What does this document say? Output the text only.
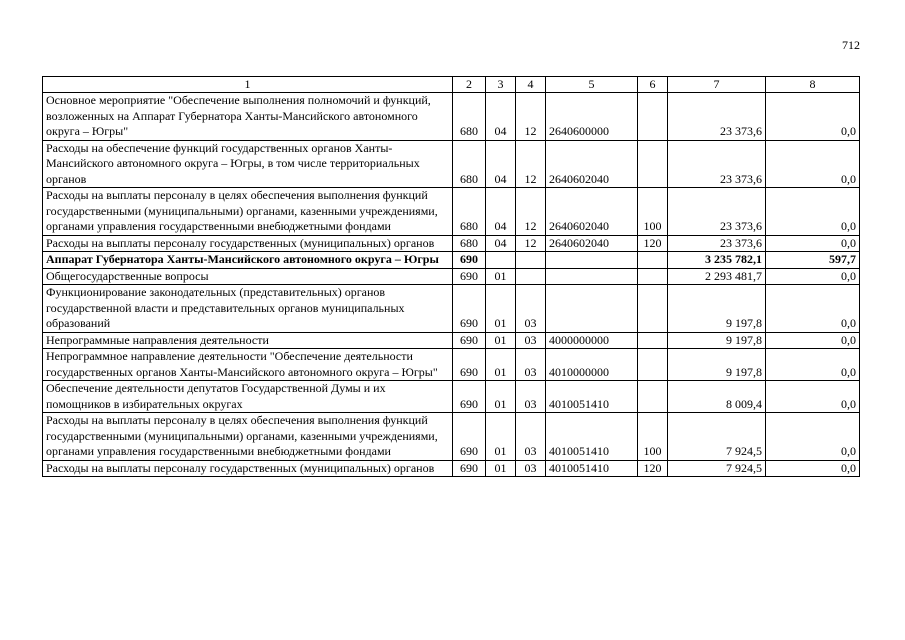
712
1	2	3	4	5	6	7	8
Основное мероприятие "Обеспечение выполнения полномочий и функций, возложенных на Аппарат Губернатора Ханты-Мансийского автономного округа – Югры"	680	04	12	2640600000		23 373,6	0,0
Расходы на обеспечение функций государственных органов Ханты-Мансийского автономного округа – Югры, в том числе территориальных органов	680	04	12	2640602040		23 373,6	0,0
Расходы на выплаты персоналу в целях обеспечения выполнения функций государственными (муниципальными) органами, казенными учреждениями, органами управления государственными внебюджетными фондами	680	04	12	2640602040	100	23 373,6	0,0
Расходы на выплаты персоналу государственных (муниципальных) органов	680	04	12	2640602040	120	23 373,6	0,0
Аппарат Губернатора Ханты-Мансийского автономного округа – Югры	690					3 235 782,1	597,7
Общегосударственные вопросы	690	01				2 293 481,7	0,0
Функционирование законодательных (представительных) органов государственной власти и представительных органов муниципальных образований	690	01	03			9 197,8	0,0
Непрограммные направления деятельности	690	01	03	4000000000		9 197,8	0,0
Непрограммное направление деятельности "Обеспечение деятельности государственных органов Ханты-Мансийского автономного округа – Югры"	690	01	03	4010000000		9 197,8	0,0
Обеспечение деятельности депутатов Государственной Думы и их помощников в избирательных округах	690	01	03	4010051410		8 009,4	0,0
Расходы на выплаты персоналу в целях обеспечения выполнения функций государственными (муниципальными) органами, казенными учреждениями, органами управления государственными внебюджетными фондами	690	01	03	4010051410	100	7 924,5	0,0
Расходы на выплаты персоналу государственных (муниципальных) органов	690	01	03	4010051410	120	7 924,5	0,0
